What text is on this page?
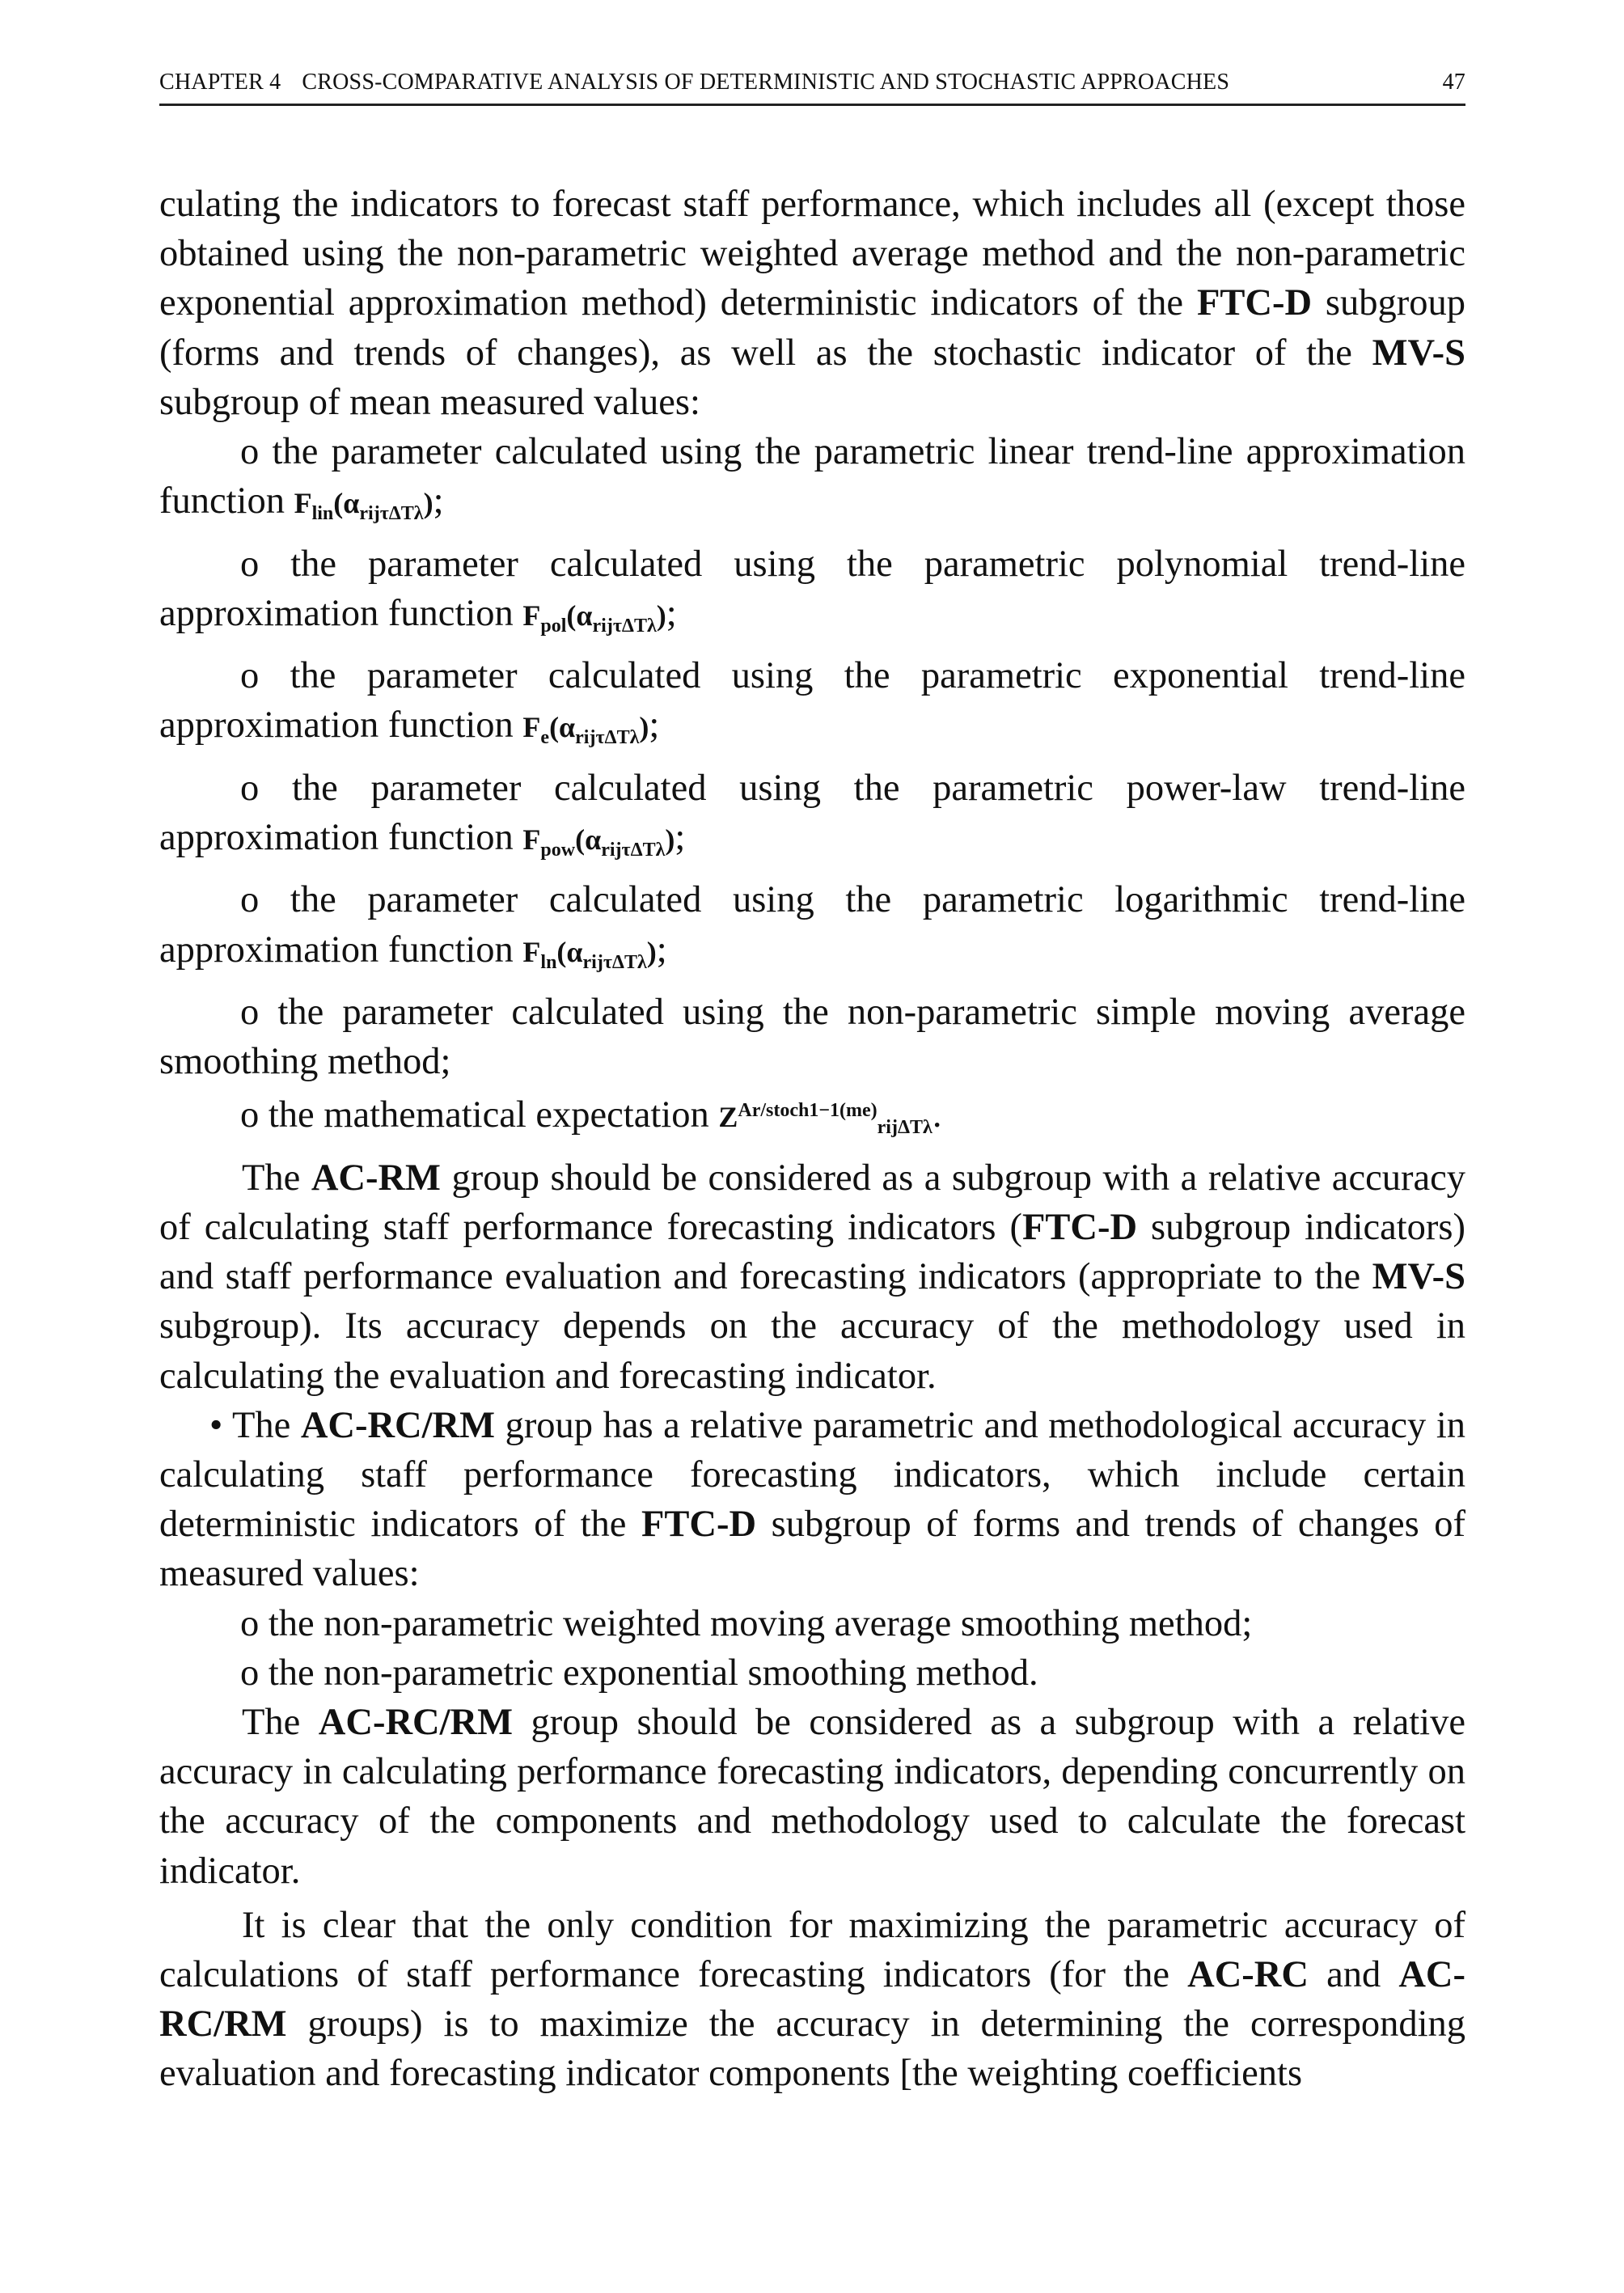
CHAPTER 4 CROSS-COMPARATIVE ANALYSIS OF DETERMINISTIC AND STOCHASTIC APPROACHES	47

culating the indicators to forecast staff performance, which includes all (except those obtained using the non-parametric weighted average method and the non-parametric exponential approximation method) deterministic indicators of the FTC-D subgroup (forms and trends of changes), as well as the stochastic indicator of the MV-S subgroup of mean measured values:

o the parameter calculated using the parametric linear trend-line approximation function $F_{lin}(\alpha_{rij\tau\Delta T\lambda})$;

o the parameter calculated using the parametric polynomial trend-line approximation function $F_{pol}(\alpha_{rij\tau\Delta T\lambda})$;

o the parameter calculated using the parametric exponential trend-line approximation function $F_e(\alpha_{rij\tau\Delta T\lambda})$;

o the parameter calculated using the parametric power-law trend-line approximation function $F_{pow}(\alpha_{rij\tau\Delta T\lambda})$;

o the parameter calculated using the parametric logarithmic trend-line approximation function $F_{ln}(\alpha_{rij\tau\Delta T\lambda})$;

o the parameter calculated using the non-parametric simple moving average smoothing method;

o the mathematical expectation $Z^{Ar/stoch1-1(me)}_{rij\Delta T\lambda}$.

The AC-RM group should be considered as a subgroup with a relative accuracy of calculating staff performance forecasting indicators (FTC-D subgroup indicators) and staff performance evaluation and forecasting indicators (appropriate to the MV-S subgroup). Its accuracy depends on the accuracy of the methodology used in calculating the evaluation and forecasting indicator.

• The AC-RC/RM group has a relative parametric and methodological accuracy in calculating staff performance forecasting indicators, which include certain deterministic indicators of the FTC-D subgroup of forms and trends of changes of measured values:

o the non-parametric weighted moving average smoothing method;

o the non-parametric exponential smoothing method.

The AC-RC/RM group should be considered as a subgroup with a relative accuracy in calculating performance forecasting indicators, depending concurrently on the accuracy of the components and methodology used to calculate the forecast indicator.

It is clear that the only condition for maximizing the parametric accuracy of calculations of staff performance forecasting indicators (for the AC-RC and AC-RC/RM groups) is to maximize the accuracy in determining the corresponding evaluation and forecasting indicator components [the weighting coefficients
